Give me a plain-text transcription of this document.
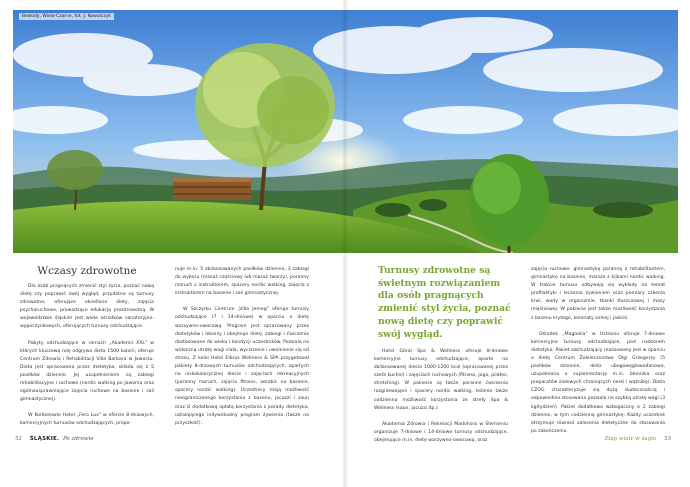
Beskidy, Wisła-Czarne, fot. J. Kowalczyk
Wczasy zdrowotne

Dla osób pragnących zmienić styl życia, poznać nową dietę czy poprawić swój wygląd, przydatne są turnusy zdrowotne, oferujące określone diety, zajęcia psychoruchowe, prowadzące edukację prozdrowotną. W województwie śląskim jest wiele ośrodków sanatoryjno-wypoczynkowych, oferujących turnusy odchudzające.

Pobyty odchudzające w ramach „Akademii XXL" w których kluczową rolę odgrywa dieta 1500 kalorii, oferuje Centrum Zdrowia i Rehabilitacji Villa Barbara w Jaworzu. Dieta jest opracowana przez dietetyka, składa się z 5 posiłków dziennie. Jej uzupełnieniem są zabiegi rehabilitacyjne i ruchowe (nordic walking po Jaworzu oraz ogólnousprawniające zajęcia ruchowe na basenie i sali gimnastycznej).

W Korbielowie Hotel „Fero Lux" w ofercie 8-dniowych, komercyjnych turnusów odchudzających, propo-

nuje m.in. 5 zbilansowanych posiłków dziennie, 3 zabiegi do wyboru (masaż częściowy lub masaż twarzy), poranny rozruch z instruktorem, spacery nordic walking, zajęcia z instruktorem na basenie i sali gimnastycznej.

W Szczyrku Centrum „Villa Jemeg" oferuje turnusy odchudzające (7 i 14-dniowe) w oparciu o dietę warzywno-owocową. Program jest opracowany przez dietetyków i lekarzy i obejmuje dietę, zabiegi i ćwiczenia dostosowane do wieku i kondycji uczestników. Pozwala na widoczną utratę wagi ciała, wyciszenie i uwolnienie się od stresu. Z kolei Hotel Elbrus Wellness & SPA przygotował pakiety 8-dniowych turnusów odchudzających, opartych na niskokalorycznej diecie i zajęciach rekreacyjnych (poranny rozruch, zajęcia fitness, aerobic na basenie, spacery nordic walking). Uczestnicy mają możliwość nieograniczonego korzystania z basenu, jacuzzi i saun oraz iż dodatkową opłatą korzystania z porady dietetyka, ustalającego indywidualny program żywienia (także na przyszłość).

32 ŚLĄSKIE. Po zdrowie
Turnusy zdrowotne są świetnym rozwiązaniem dla osób pragnących zmienić styl życia, poznać nową dietę czy poprawić swój wygląd.

Hotel Góral Spa & Wellness oferuje 8-dniowe komercyjne turnusy odchudzające, oparte na zbilansowanej diecie 1000-1200 kcal (opracowanej przez szefa kuchni) i zajęciach ruchowych (fitness, joga, pilates, stretching). W pakiecie są także poranne ćwiczenia rozgrzewające i spacery nordic walking, leżenie także codzienna możliwość korzystania ze strefy Spa & Wellness (saun, jacuzzi itp.).

Akademia Zdrowia i Rekreacji Madohora w Ślemieniu organizuje 7-dniowe i 14-dniowe turnusy odchudzające, obejmujące m.in. dietę warzywno-owocową, oraz

zajęcia ruchowe: gimnastykę poranną z rehabilitantem, gimnastykę na basenie, marsze z kijkami nordic walking. W trakcie turnusu odbywają się wykłady na temat profilaktyki i leczenia żywieniem oraz pomiary człienia krwi, wody w organizmie, tkanki tłuszczowej i masy mięśniowej. W pakiecie jest także możliwość korzystania z basenu krytego, komnaty solnej i jaskini.

Ośrodek „Magnolia" w Ustroniu oferuje 7-dniowe komercyjne turnusy odchudzające, pod nadzorem dietetyka. Pakiet odchudzający realizowany jest w oparciu o dietę Centrum Żołolecznictwa Olgi Grzegorzy (5 posiłków dziennie, dieta ubogowęglowodanowa, uzupełniona o suplementację m.in. błonnika oraz preparatów ziołowych chroniących nerki i wątrobę). Dieta CŻOG charakteryzuje się dużą skutecznością i odpowiednio stosowana pozwala na szybką utratę wagi (3 kg/tydzień). Pakiet dodatkowo wzbogacony o 2 zabiegi dziennie, w tym codzienną gimnastykę. Każdy uczestnik otrzymuje również zalecenia dietetyczne do stosowania po zakończeniu

Złap wiatr w żagle 33
